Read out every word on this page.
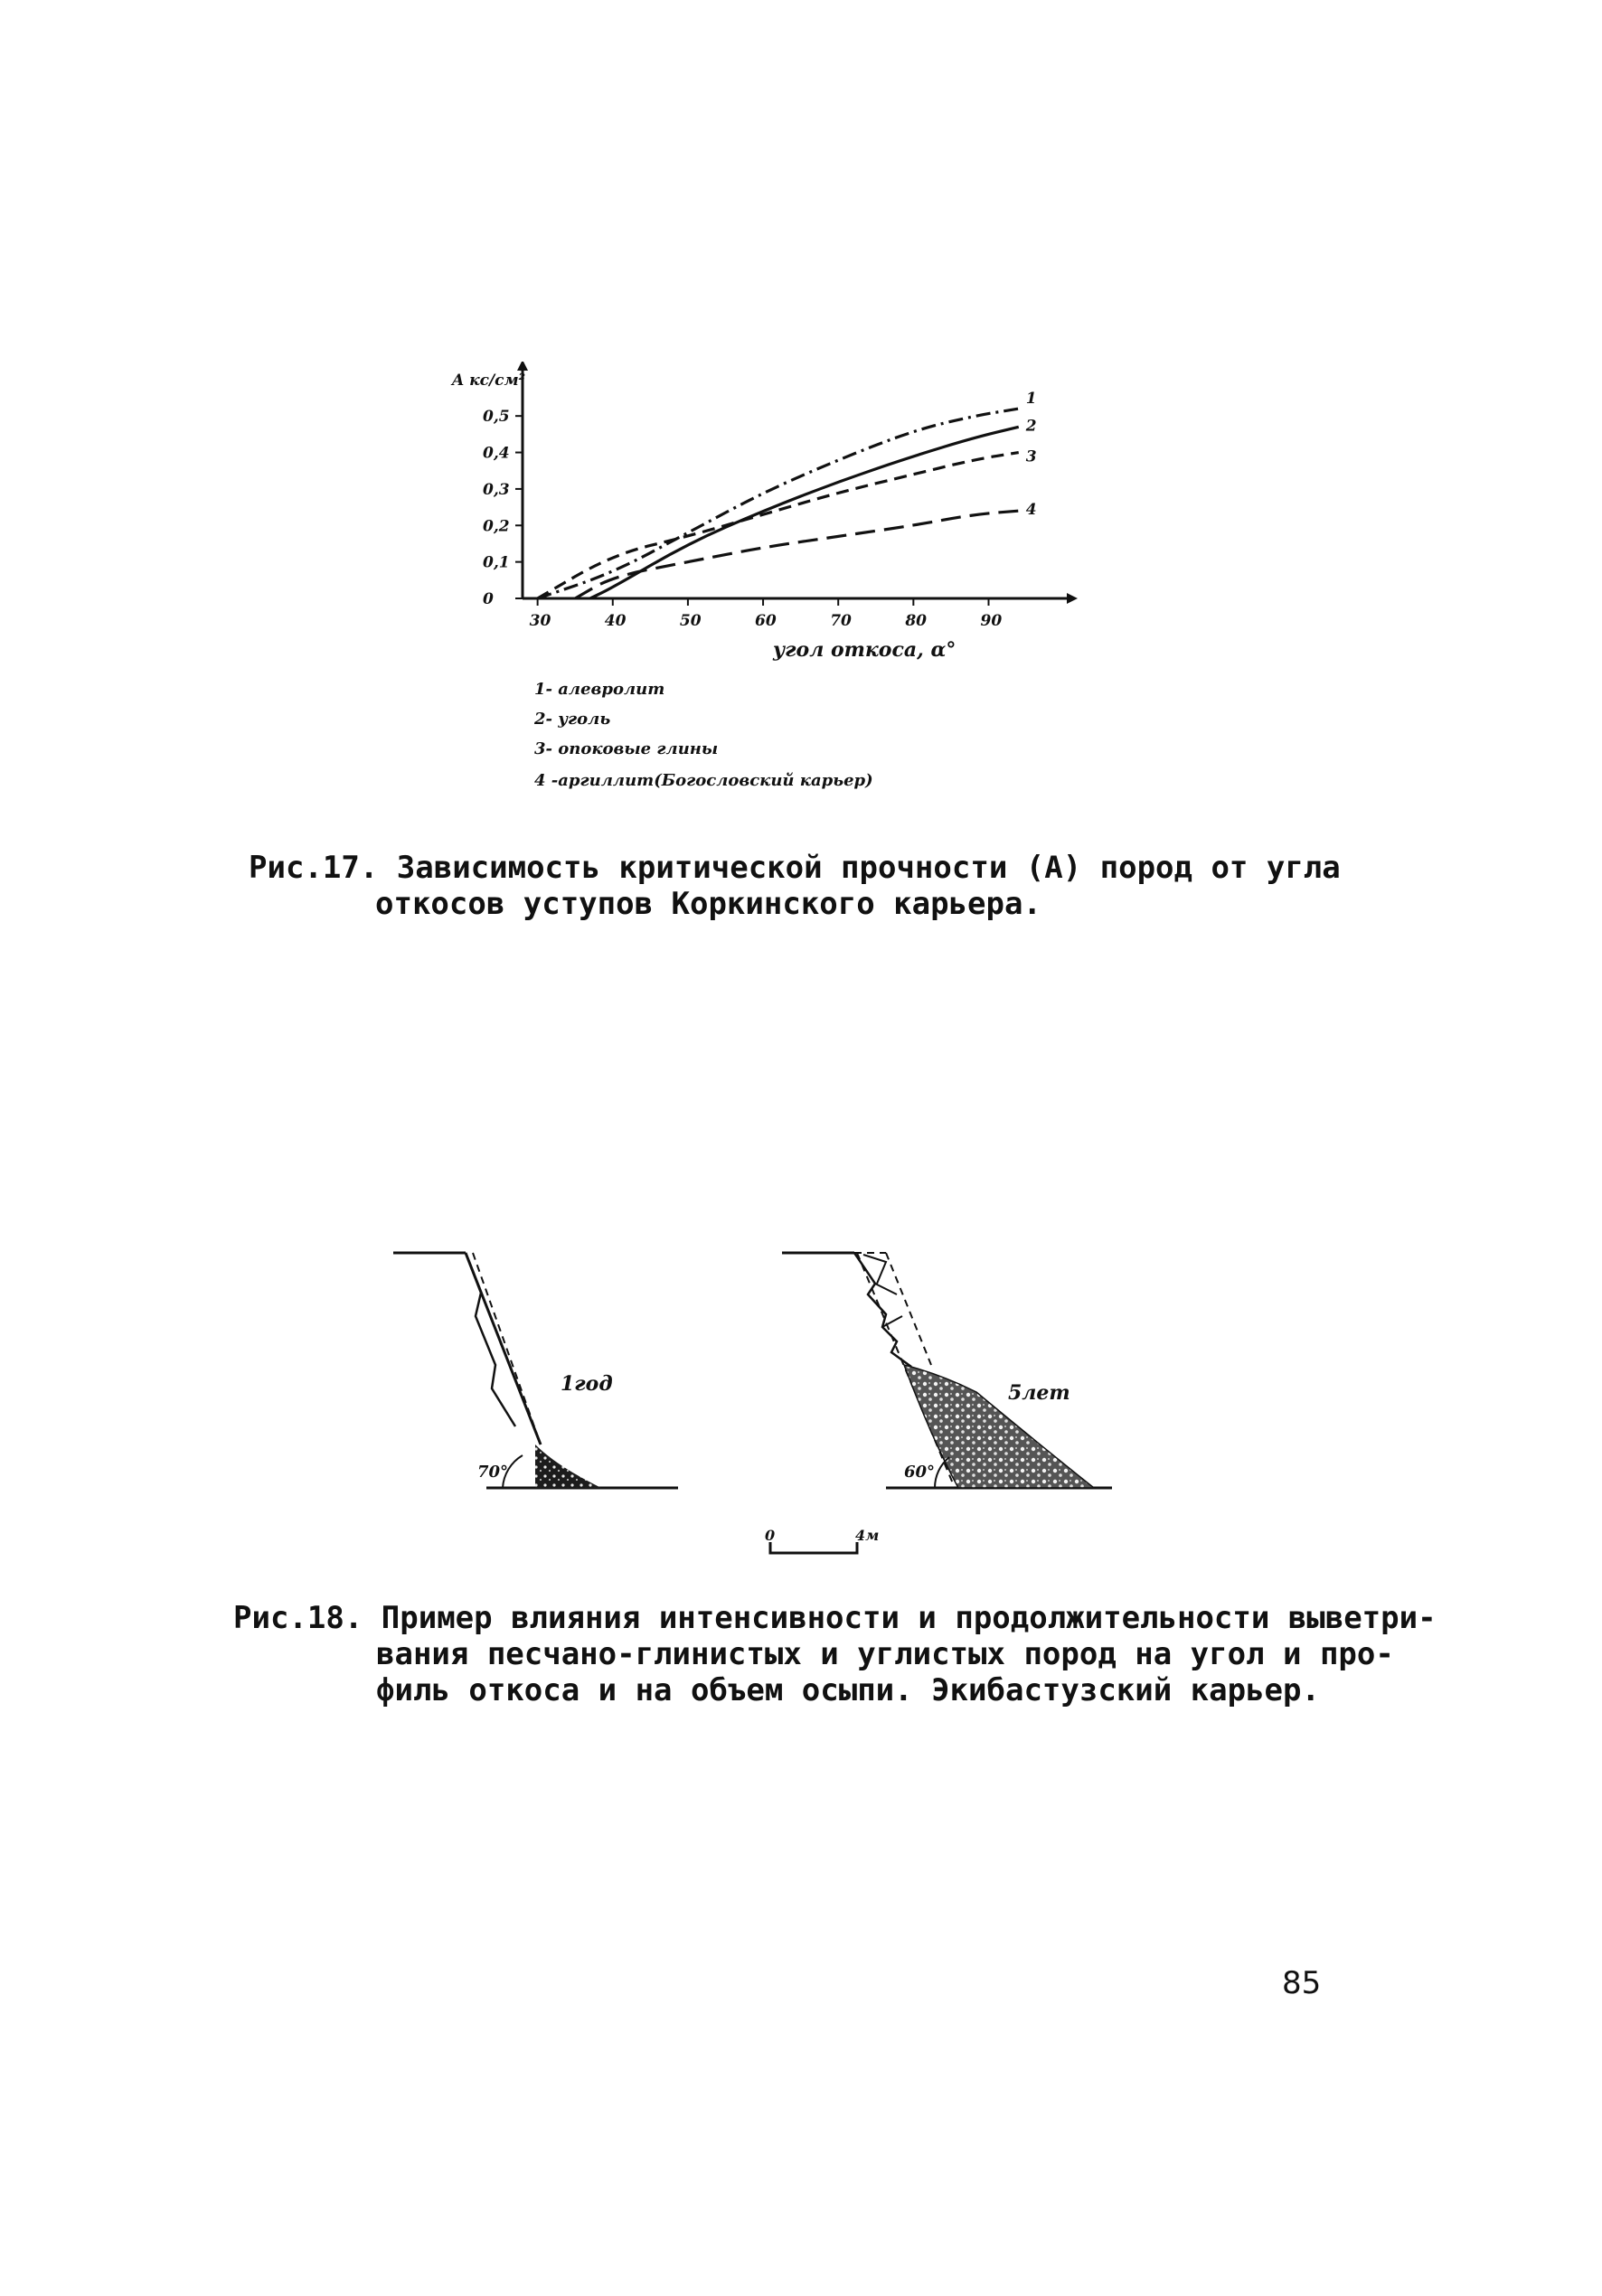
A кс/см²
30	40	50	60	70	80	90
0
0,1
0,2
0,3
0,4
0,5
1
2
3
4
угол откоса, α°
1- алевролит
2- уголь
3- опоковые глины
4 -аргиллит(Богословский карьер)
Рис.17. Зависимость критической прочности (А) пород от угла
откосов уступов Коркинского карьера.
70°
1год
60°
5лет
0	4м
Рис.18. Пример влияния интенсивности и продолжительности выветри-
вания песчано-глинистых и углистых пород на угол и про-
филь откоса и на объем осыпи. Экибастузский карьер.
85
